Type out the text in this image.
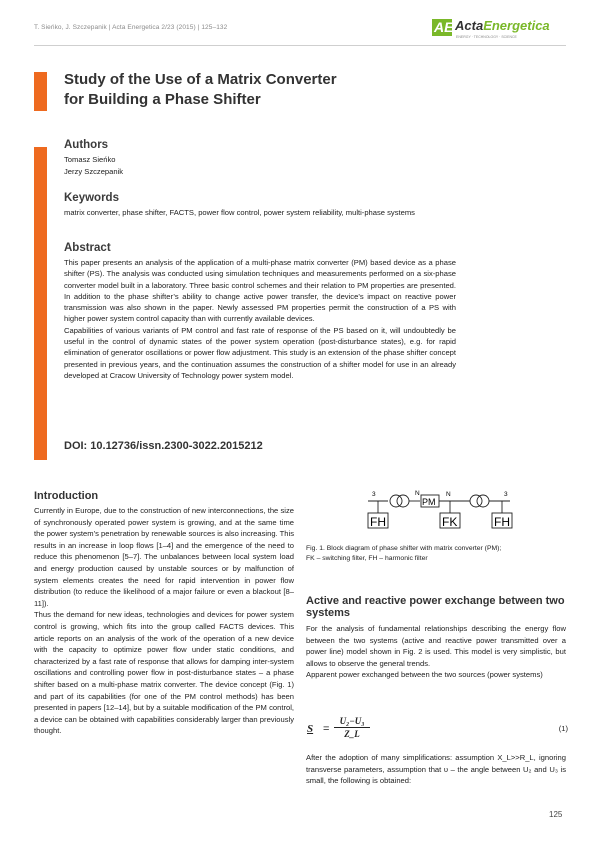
T. Sieńko, J. Szczepanik | Acta Energetica 2/23 (2015) | 125–132	AE ActaEnergetica
ENERGY · TECHNOLOGY · SCIENCE
Study of the Use of a Matrix Converter
for Building a Phase Shifter
Authors
Tomasz Sieńko
Jerzy Szczepanik
Keywords
matrix converter, phase shifter, FACTS, power flow control, power system reliability, multi-phase systems
Abstract

This paper presents an analysis of the application of a multi-phase matrix converter (PM) based device as a phase shifter (PS). The analysis was conducted using simulation techniques and measurements performed on a six-phase converter model built in a laboratory. Three basic control schemes and their relation to PM properties are presented. In addition to the phase shifter’s ability to change active power transfer, the device’s impact on reactive power transmission was also shown in the paper. Newly assessed PM properties permit the construction of a PS with higher power system control capacity than with currently available devices.

Capabilities of various variants of PM control and fast rate of response of the PS based on it, will undoubtedly be useful in the control of dynamic states of the power system operation (post-disturbance states), e.g. for rapid elimination of generator oscillations or power flow adjustment. This study is an extension of the phase shifter concept presented in previous years, and the continuation assumes the construction of a shifter model for use in an already developed at Cracow University of Technology power system model.

DOI: 10.12736/issn.2300-3022.2015212
Introduction

Currently in Europe, due to the construction of new interconnections, the size of synchronously operated power system is growing, and at the same time the power system’s penetration by renewable sources is also increasing. This results in an increase in loop flows [1–4] and the emergence of the need to reduce this phenomenon [5–7]. The unbalances between local system load and energy production caused by unstable sources or by malfunction of system elements creates the need for rapid intervention in power flow distribution (to reduce the likelihood of a major failure or even a blackout [8–11]).

Thus the demand for new ideas, technologies and devices for power system control is growing, which fits into the group called FACTS devices. This article reports on an analysis of the work of the operation of a new device with the capacity to optimize power flow under static conditions, and characterized by a fast rate of response that allows for damping inter-system oscillations and controlling power flow in post-disturbance states – a phase shifter based on a multi-phase matrix converter. The device concept (Fig. 1) and part of its capabilities (for one of the PM control methods) has been presented in papers [12–14], but by a suitable modification of the PM control, a device can be obtained with capabilities considerably larger than previously thought.

FH
PM
FK	FH
3	N	N	3
Fig. 1. Block diagram of phase shifter with matrix converter (PM);
FK – switching filter, FH – harmonic filter
Active and reactive power exchange between two systems

For the analysis of fundamental relationships describing the energy flow between the two systems (active and reactive power transmitted over a power line) model shown in Fig. 2 is used. This model is very simplistic, but allows to observe the general trends.

Apparent power exchanged between the two sources (power systems)

$S = \frac{\text{U₂−U₃}}{Z\_L}$	(1)
After the adoption of many simplifications: assumption X_L>>R_L, ignoring transverse parameters, assumption that υ – the angle between U₂ and U₃ is small, the following is obtained:
125
